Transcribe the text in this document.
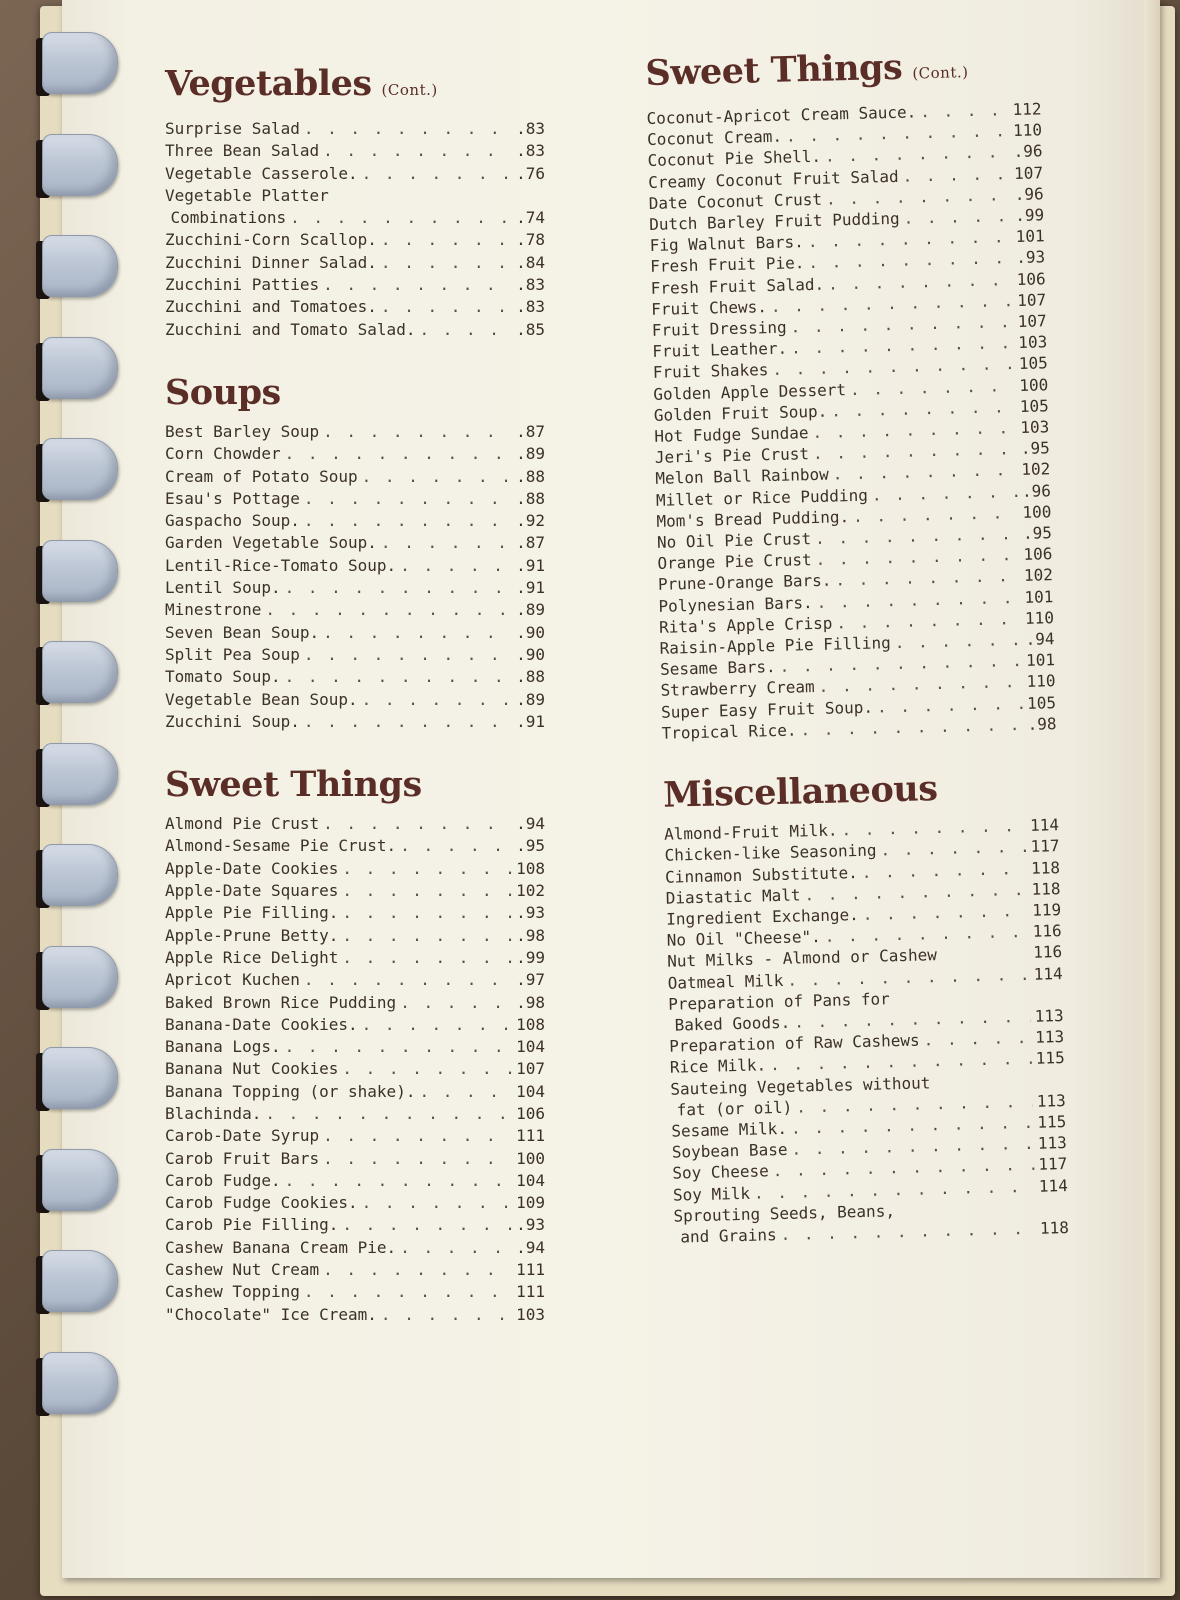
Vegetables (Cont.)
Surprise Salad . . .	.83
Three Bean Salad . . .	.83
Vegetable Casserole. . . .	.76
Vegetable Platter
Combinations . . .	.74
Zucchini-Corn Scallop. . . .	.78
Zucchini Dinner Salad. . . .	.84
Zucchini Patties . . .	.83
Zucchini and Tomatoes. . . .	.83
Zucchini and Tomato Salad. . . .	.85
Soups
Best Barley Soup . . .	.87
Corn Chowder . . .	.89
Cream of Potato Soup . . .	.88
Esau's Pottage . . .	.88
Gaspacho Soup. . . .	.92
Garden Vegetable Soup. . . .	.87
Lentil-Rice-Tomato Soup. . . .	.91
Lentil Soup. . . .	.91
Minestrone . . .	.89
Seven Bean Soup. . . .	.90
Split Pea Soup . . .	.90
Tomato Soup. . . .	.88
Vegetable Bean Soup. . . .	.89
Zucchini Soup. . . .	.91
Sweet Things
Almond Pie Crust . . .	.94
Almond-Sesame Pie Crust. . . .	.95
Apple-Date Cookies . . .	108
Apple-Date Squares . . .	102
Apple Pie Filling. . . .	.93
Apple-Prune Betty. . . .	.98
Apple Rice Delight . . .	.99
Apricot Kuchen . . .	.97
Baked Brown Rice Pudding . . .	.98
Banana-Date Cookies. . . .	108
Banana Logs. . . .	104
Banana Nut Cookies . . .	107
Banana Topping (or shake). . . .	104
Blachinda. . . .	106
Carob-Date Syrup . . .	111
Carob Fruit Bars . . .	100
Carob Fudge. . . .	104
Carob Fudge Cookies. . . .	109
Carob Pie Filling. . . .	.93
Cashew Banana Cream Pie. . . .	.94
Cashew Nut Cream . . .	111
Cashew Topping . . .	111
"Chocolate" Ice Cream. . . .	103
Sweet Things (Cont.)
Coconut-Apricot Cream Sauce. . . .	112
Coconut Cream. . . .	110
Coconut Pie Shell. . . .	.96
Creamy Coconut Fruit Salad . . .	107
Date Coconut Crust . . .	.96
Dutch Barley Fruit Pudding . . .	.99
Fig Walnut Bars. . . .	101
Fresh Fruit Pie. . . .	.93
Fresh Fruit Salad. . . .	106
Fruit Chews. . . .	107
Fruit Dressing . . .	107
Fruit Leather. . . .	103
Fruit Shakes . . .	105
Golden Apple Dessert . . .	100
Golden Fruit Soup. . . .	105
Hot Fudge Sundae . . .	103
Jeri's Pie Crust . . .	.95
Melon Ball Rainbow . . .	102
Millet or Rice Pudding . . .	.96
Mom's Bread Pudding. . . .	100
No Oil Pie Crust . . .	.95
Orange Pie Crust . . .	106
Prune-Orange Bars. . . .	102
Polynesian Bars. . . .	101
Rita's Apple Crisp . . .	110
Raisin-Apple Pie Filling . . .	.94
Sesame Bars. . . .	101
Strawberry Cream . . .	110
Super Easy Fruit Soup. . . .	105
Tropical Rice. . . .	.98
Miscellaneous
Almond-Fruit Milk. . . .	114
Chicken-like Seasoning . . .	117
Cinnamon Substitute. . . .	118
Diastatic Malt . . .	118
Ingredient Exchange. . . .	119
No Oil "Cheese". . . .	116
Nut Milks - Almond or Cashew	116
Oatmeal Milk . . .	114
Preparation of Pans for
Baked Goods. . . .	113
Preparation of Raw Cashews . . .	113
Rice Milk. . . .	115
Sauteing Vegetables without
fat (or oil) . . .	113
Sesame Milk. . . .	115
Soybean Base . . .	113
Soy Cheese . . .	117
Soy Milk . . .	114
Sprouting Seeds, Beans,
and Grains . . .	118
